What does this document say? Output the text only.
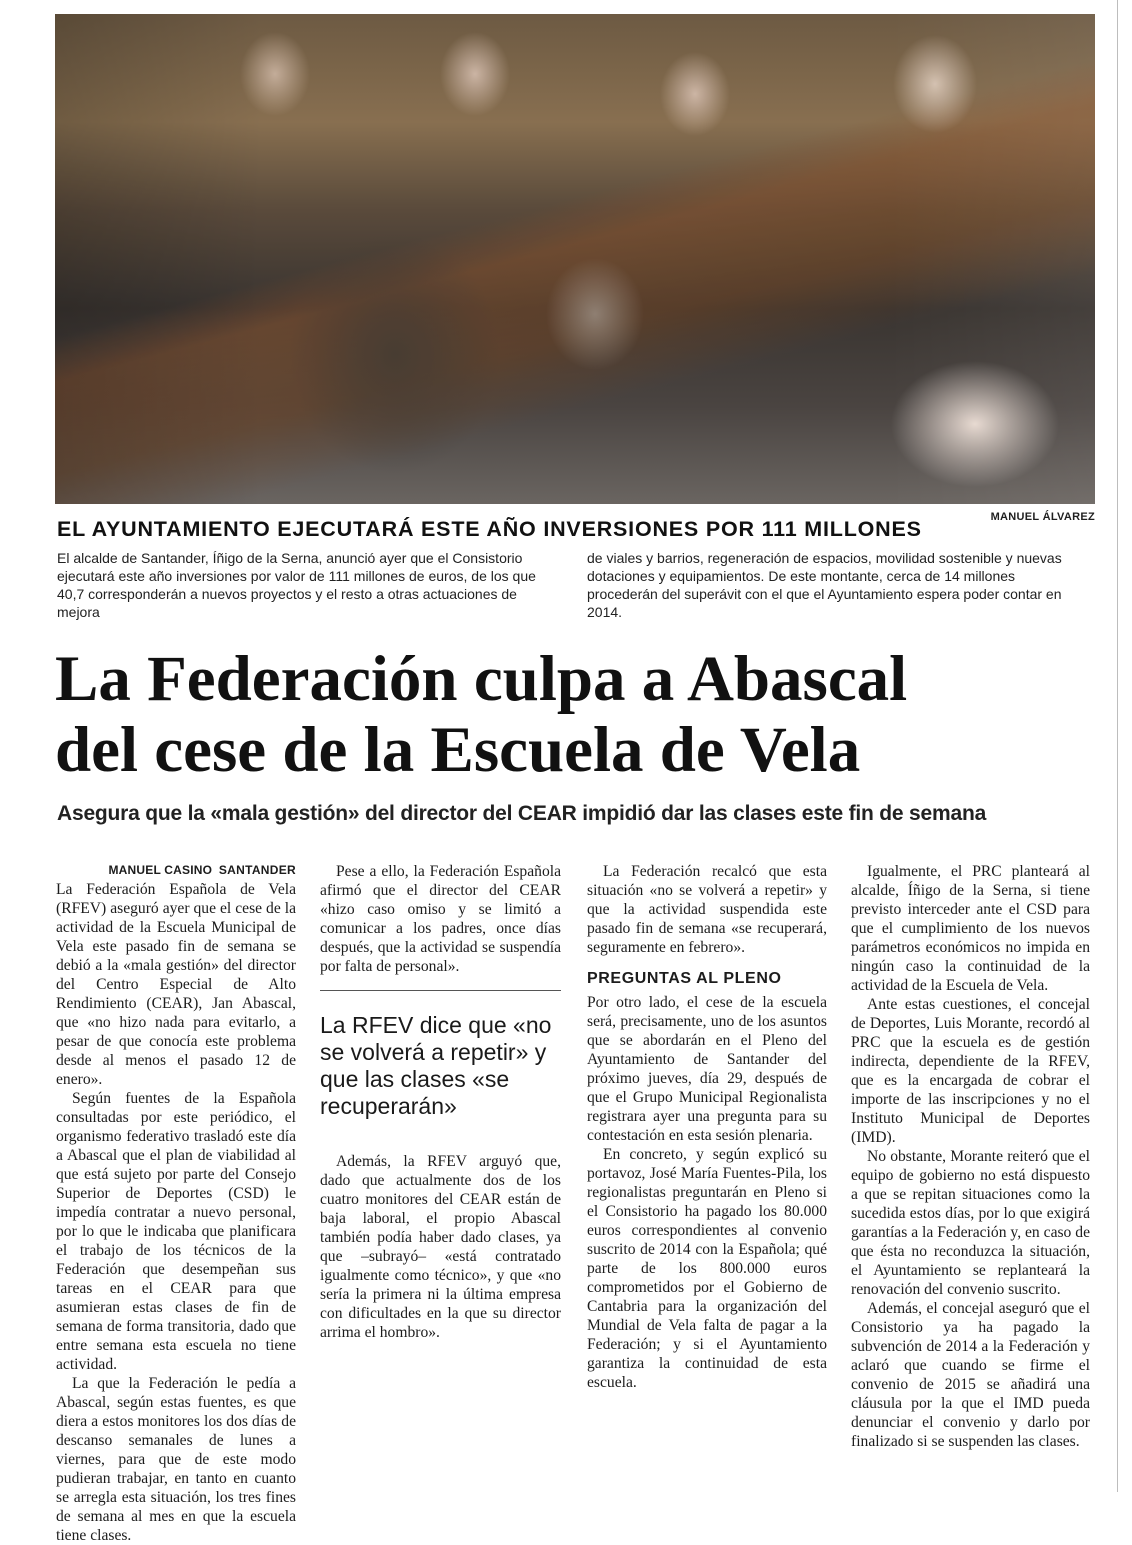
MANUEL ÁLVAREZ
EL AYUNTAMIENTO EJECUTARÁ ESTE AÑO INVERSIONES POR 111 MILLONES
El alcalde de Santander, Íñigo de la Serna, anunció ayer que el Consistorio ejecutará este año inversiones por valor de 111 millones de euros, de los que 40,7 corresponderán a nuevos proyectos y el resto a otras actuaciones de mejora
de viales y barrios, regeneración de espacios, movilidad sostenible y nuevas dotaciones y equipamientos. De este montante, cerca de 14 millones procederán del superávit con el que el Ayuntamiento espera poder contar en 2014.
La Federación culpa a Abascal
del cese de la Escuela de Vela
Asegura que la «mala gestión» del director del CEAR impidió dar las clases este fin de semana
MANUEL CASINO SANTANDER

La Federación Española de Vela (RFEV) aseguró ayer que el cese de la actividad de la Escuela Municipal de Vela este pasado fin de semana se debió a la «mala gestión» del director del Centro Especial de Alto Rendimiento (CEAR), Jan Abascal, que «no hizo nada para evitarlo, a pesar de que conocía este problema desde al menos el pasado 12 de enero».

Según fuentes de la Española consultadas por este periódico, el organismo federativo trasladó este día a Abascal que el plan de viabilidad al que está sujeto por parte del Consejo Superior de Deportes (CSD) le impedía contratar a nuevo personal, por lo que le indicaba que planificara el trabajo de los técnicos de la Federación que desempeñan sus tareas en el CEAR para que asumieran estas clases de fin de semana de forma transitoria, dado que entre semana esta escuela no tiene actividad.

La que la Federación le pedía a Abascal, según estas fuentes, es que diera a estos monitores los dos días de descanso semanales de lunes a viernes, para que de este modo pudieran trabajar, en tanto en cuanto se arregla esta situación, los tres fines de semana al mes en que la escuela tiene clases.

Pese a ello, la Federación Española afirmó que el director del CEAR «hizo caso omiso y se limitó a comunicar a los padres, once días después, que la actividad se suspendía por falta de personal».

La RFEV dice que «no se volverá a repetir» y que las clases «se recuperarán»

Además, la RFEV arguyó que, dado que actualmente dos de los cuatro monitores del CEAR están de baja laboral, el propio Abascal también podía haber dado clases, ya que –subrayó– «está contratado igualmente como técnico», y que «no sería la primera ni la última empresa con dificultades en la que su director arrima el hombro».

La Federación recalcó que esta situación «no se volverá a repetir» y que la actividad suspendida este pasado fin de semana «se recuperará, seguramente en febrero».

PREGUNTAS AL PLENO

Por otro lado, el cese de la escuela será, precisamente, uno de los asuntos que se abordarán en el Pleno del Ayuntamiento de Santander del próximo jueves, día 29, después de que el Grupo Municipal Regionalista registrara ayer una pregunta para su contestación en esta sesión plenaria.

En concreto, y según explicó su portavoz, José María Fuentes-Pila, los regionalistas preguntarán en Pleno si el Consistorio ha pagado los 80.000 euros correspondientes al convenio suscrito de 2014 con la Española; qué parte de los 800.000 euros comprometidos por el Gobierno de Cantabria para la organización del Mundial de Vela falta de pagar a la Federación; y si el Ayuntamiento garantiza la continuidad de esta escuela.

Igualmente, el PRC planteará al alcalde, Íñigo de la Serna, si tiene previsto interceder ante el CSD para que el cumplimiento de los nuevos parámetros económicos no impida en ningún caso la continuidad de la actividad de la Escuela de Vela.

Ante estas cuestiones, el concejal de Deportes, Luis Morante, recordó al PRC que la escuela es de gestión indirecta, dependiente de la RFEV, que es la encargada de cobrar el importe de las inscripciones y no el Instituto Municipal de Deportes (IMD).

No obstante, Morante reiteró que el equipo de gobierno no está dispuesto a que se repitan situaciones como la sucedida estos días, por lo que exigirá garantías a la Federación y, en caso de que ésta no reconduzca la situación, el Ayuntamiento se replanteará la renovación del convenio suscrito.

Además, el concejal aseguró que el Consistorio ya ha pagado la subvención de 2014 a la Federación y aclaró que cuando se firme el convenio de 2015 se añadirá una cláusula por la que el IMD pueda denunciar el convenio y darlo por finalizado si se suspenden las clases.
